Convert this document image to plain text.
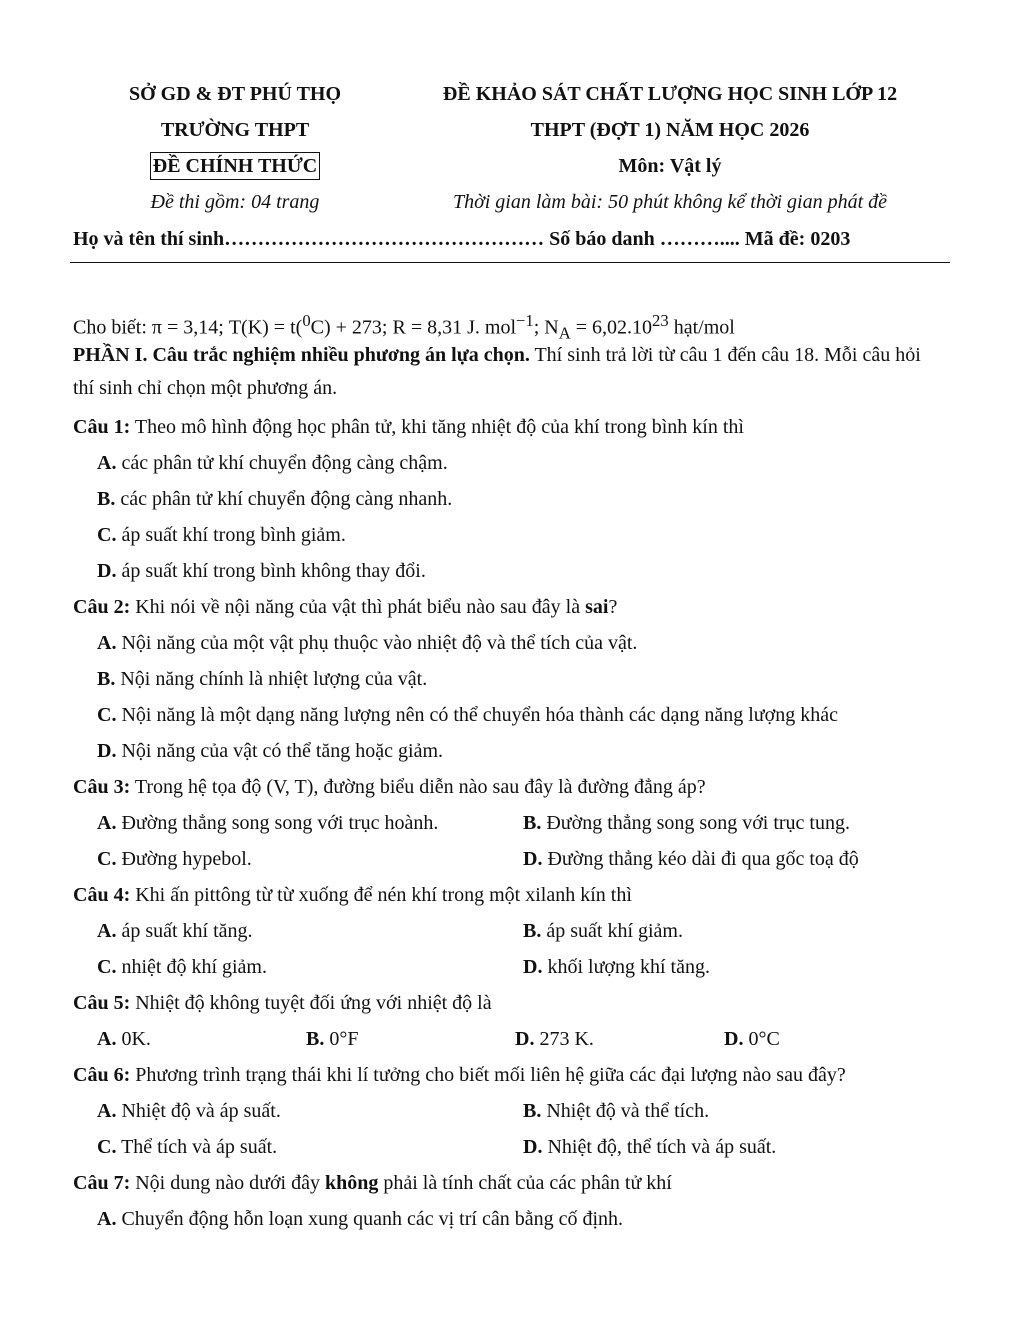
SỞ GD & ĐT PHÚ THỌ
TRƯỜNG THPT
ĐỀ CHÍNH THỨC
Đề thi gồm: 04 trang
ĐỀ KHẢO SÁT CHẤT LƯỢNG HỌC SINH LỚP 12
THPT (ĐỢT 1) NĂM HỌC 2026
Môn: Vật lý
Thời gian làm bài: 50 phút không kể thời gian phát đề
Họ và tên thí sinh………………………………………… Số báo danh ……….... Mã đề: 0203
Cho biết: π = 3,14; T(K) = t($^0$C) + 273; R = 8,31 J. mol$^{-1}$; $N_A = 6,02.10^{23}$ hạt/mol
PHẦN I. Câu trắc nghiệm nhiều phương án lựa chọn. Thí sinh trả lời từ câu 1 đến câu 18. Mỗi câu hỏi thí sinh chỉ chọn một phương án.
Câu 1: Theo mô hình động học phân tử, khi tăng nhiệt độ của khí trong bình kín thì
A. các phân tử khí chuyển động càng chậm.
B. các phân tử khí chuyển động càng nhanh.
C. áp suất khí trong bình giảm.
D. áp suất khí trong bình không thay đổi.
Câu 2: Khi nói về nội năng của vật thì phát biểu nào sau đây là sai?
A. Nội năng của một vật phụ thuộc vào nhiệt độ và thể tích của vật.
B. Nội năng chính là nhiệt lượng của vật.
C. Nội năng là một dạng năng lượng nên có thể chuyển hóa thành các dạng năng lượng khác
D. Nội năng của vật có thể tăng hoặc giảm.
Câu 3: Trong hệ tọa độ (V, T), đường biểu diễn nào sau đây là đường đẳng áp?
A. Đường thẳng song song với trục hoành.	B. Đường thẳng song song với trục tung.
C. Đường hypebol.	D. Đường thẳng kéo dài đi qua gốc toạ độ
Câu 4: Khi ấn pittông từ từ xuống để nén khí trong một xilanh kín thì
A. áp suất khí tăng.	B. áp suất khí giảm.
C. nhiệt độ khí giảm.	D. khối lượng khí tăng.
Câu 5: Nhiệt độ không tuyệt đối ứng với nhiệt độ là
A. 0K.	B. 0°F	D. 273 K.	D. 0°C
Câu 6: Phương trình trạng thái khi lí tưởng cho biết mối liên hệ giữa các đại lượng nào sau đây?
A. Nhiệt độ và áp suất.	B. Nhiệt độ và thể tích.
C. Thể tích và áp suất.	D. Nhiệt độ, thể tích và áp suất.
Câu 7: Nội dung nào dưới đây không phải là tính chất của các phân tử khí
A. Chuyển động hỗn loạn xung quanh các vị trí cân bằng cố định.
